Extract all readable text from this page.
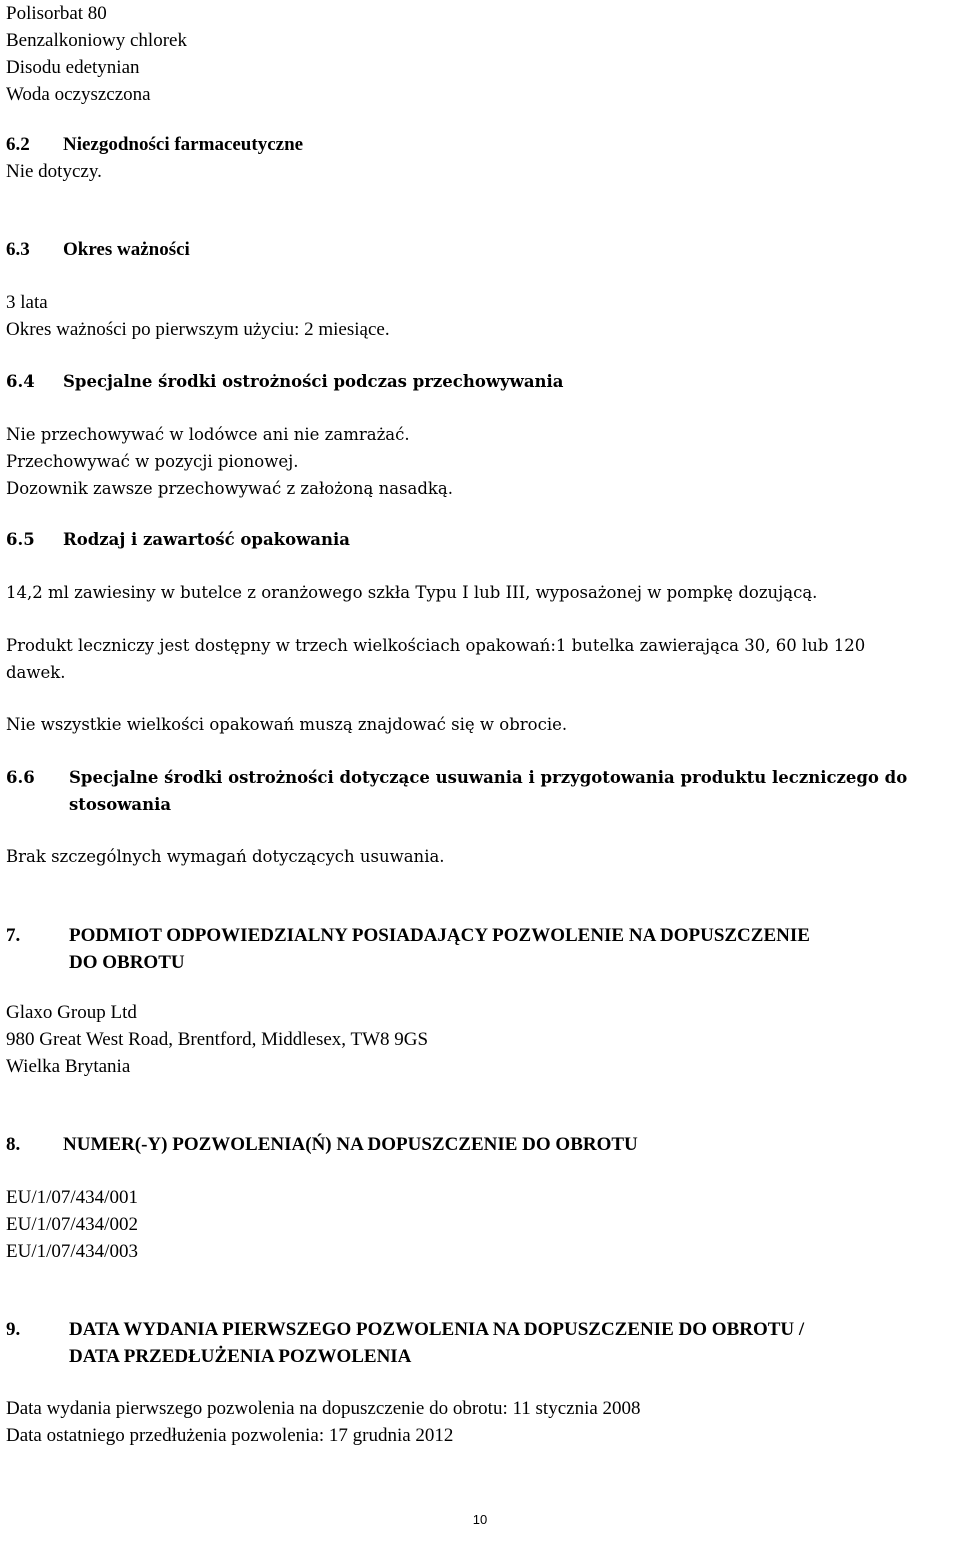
Polisorbat 80
Benzalkoniowy chlorek
Disodu edetynian
Woda oczyszczona
6.2 Niezgodności farmaceutyczne
Nie dotyczy.
6.3 Okres ważności
3 lata
Okres ważności po pierwszym użyciu: 2 miesiące.
6.4 Specjalne środki ostrożności podczas przechowywania
Nie przechowywać w lodówce ani nie zamrażać.
Przechowywać w pozycji pionowej.
Dozownik zawsze przechowywać z założoną nasadką.
6.5 Rodzaj i zawartość opakowania
14,2 ml zawiesiny w butelce z oranżowego szkła Typu I lub III, wyposażonej w pompkę dozującą.
Produkt leczniczy jest dostępny w trzech wielkościach opakowań:1 butelka zawierająca 30, 60 lub 120
dawek.
Nie wszystkie wielkości opakowań muszą znajdować się w obrocie.
6.6 Specjalne środki ostrożności dotyczące usuwania i przygotowania produktu leczniczego do
stosowania
Brak szczególnych wymagań dotyczących usuwania.
7.	PODMIOT ODPOWIEDZIALNY POSIADAJĄCY POZWOLENIE NA DOPUSZCZENIE
DO OBROTU
Glaxo Group Ltd
980 Great West Road, Brentford, Middlesex, TW8 9GS
Wielka Brytania
8. NUMER(-Y) POZWOLENIA(Ń) NA DOPUSZCZENIE DO OBROTU
EU/1/07/434/001
EU/1/07/434/002
EU/1/07/434/003
9.	DATA WYDANIA PIERWSZEGO POZWOLENIA NA DOPUSZCZENIE DO OBROTU /
DATA PRZEDŁUŻENIA POZWOLENIA
Data wydania pierwszego pozwolenia na dopuszczenie do obrotu: 11 stycznia 2008
Data ostatniego przedłużenia pozwolenia: 17 grudnia 2012
10
